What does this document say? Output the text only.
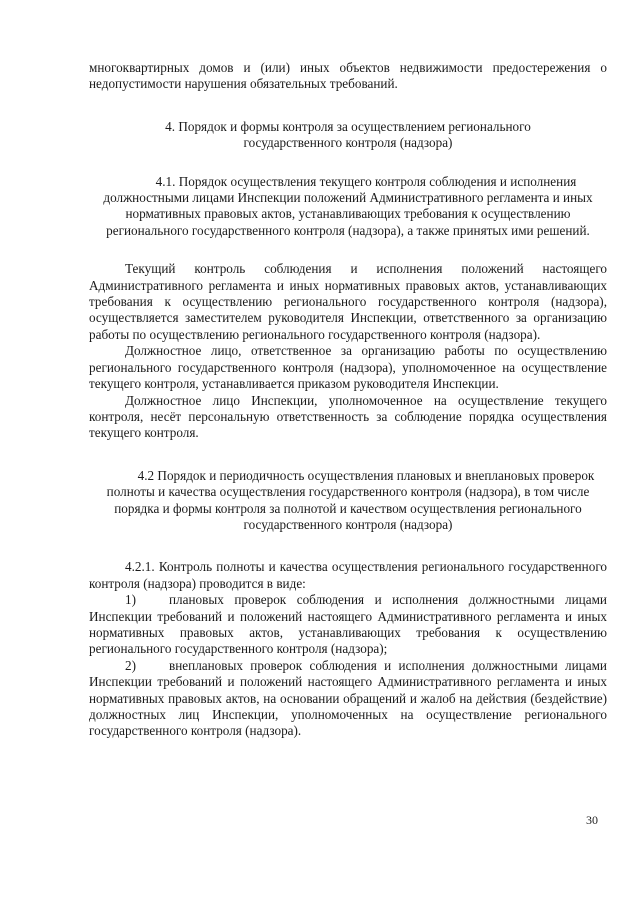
многоквартирных домов и (или) иных объектов недвижимости предостережения о недопустимости нарушения обязательных требований.

4. Порядок и формы контроля за осуществлением регионального государственного контроля (надзора)

4.1. Порядок осуществления текущего контроля соблюдения и исполнения должностными лицами Инспекции положений Административного регламента и иных нормативных правовых актов, устанавливающих требования к осуществлению регионального государственного контроля (надзора), а также принятых ими решений.

Текущий контроль соблюдения и исполнения положений настоящего Административного регламента и иных нормативных правовых актов, устанавливающих требования к осуществлению регионального государственного контроля (надзора), осуществляется заместителем руководителя Инспекции, ответственного за организацию работы по осуществлению регионального государственного контроля (надзора).

Должностное лицо, ответственное за организацию работы по осуществлению регионального государственного контроля (надзора), уполномоченное на осуществление текущего контроля, устанавливается приказом руководителя Инспекции.

Должностное лицо Инспекции, уполномоченное на осуществление текущего контроля, несёт персональную ответственность за соблюдение порядка осуществления текущего контроля.

4.2 Порядок и периодичность осуществления плановых и внеплановых проверок полноты и качества осуществления государственного контроля (надзора), в том числе порядка и формы контроля за полнотой и качеством осуществления регионального государственного контроля (надзора)

4.2.1. Контроль полноты и качества осуществления регионального государственного контроля (надзора) проводится в виде:

1)	плановых проверок соблюдения и исполнения должностными лицами Инспекции требований и положений настоящего Административного регламента и иных нормативных правовых актов, устанавливающих требования к осуществлению регионального государственного контроля (надзора);

2)	внеплановых проверок соблюдения и исполнения должностными лицами Инспекции требований и положений настоящего Административного регламента и иных нормативных правовых актов, на основании обращений и жалоб на действия (бездействие) должностных лиц Инспекции, уполномоченных на осуществление регионального государственного контроля (надзора).

30
